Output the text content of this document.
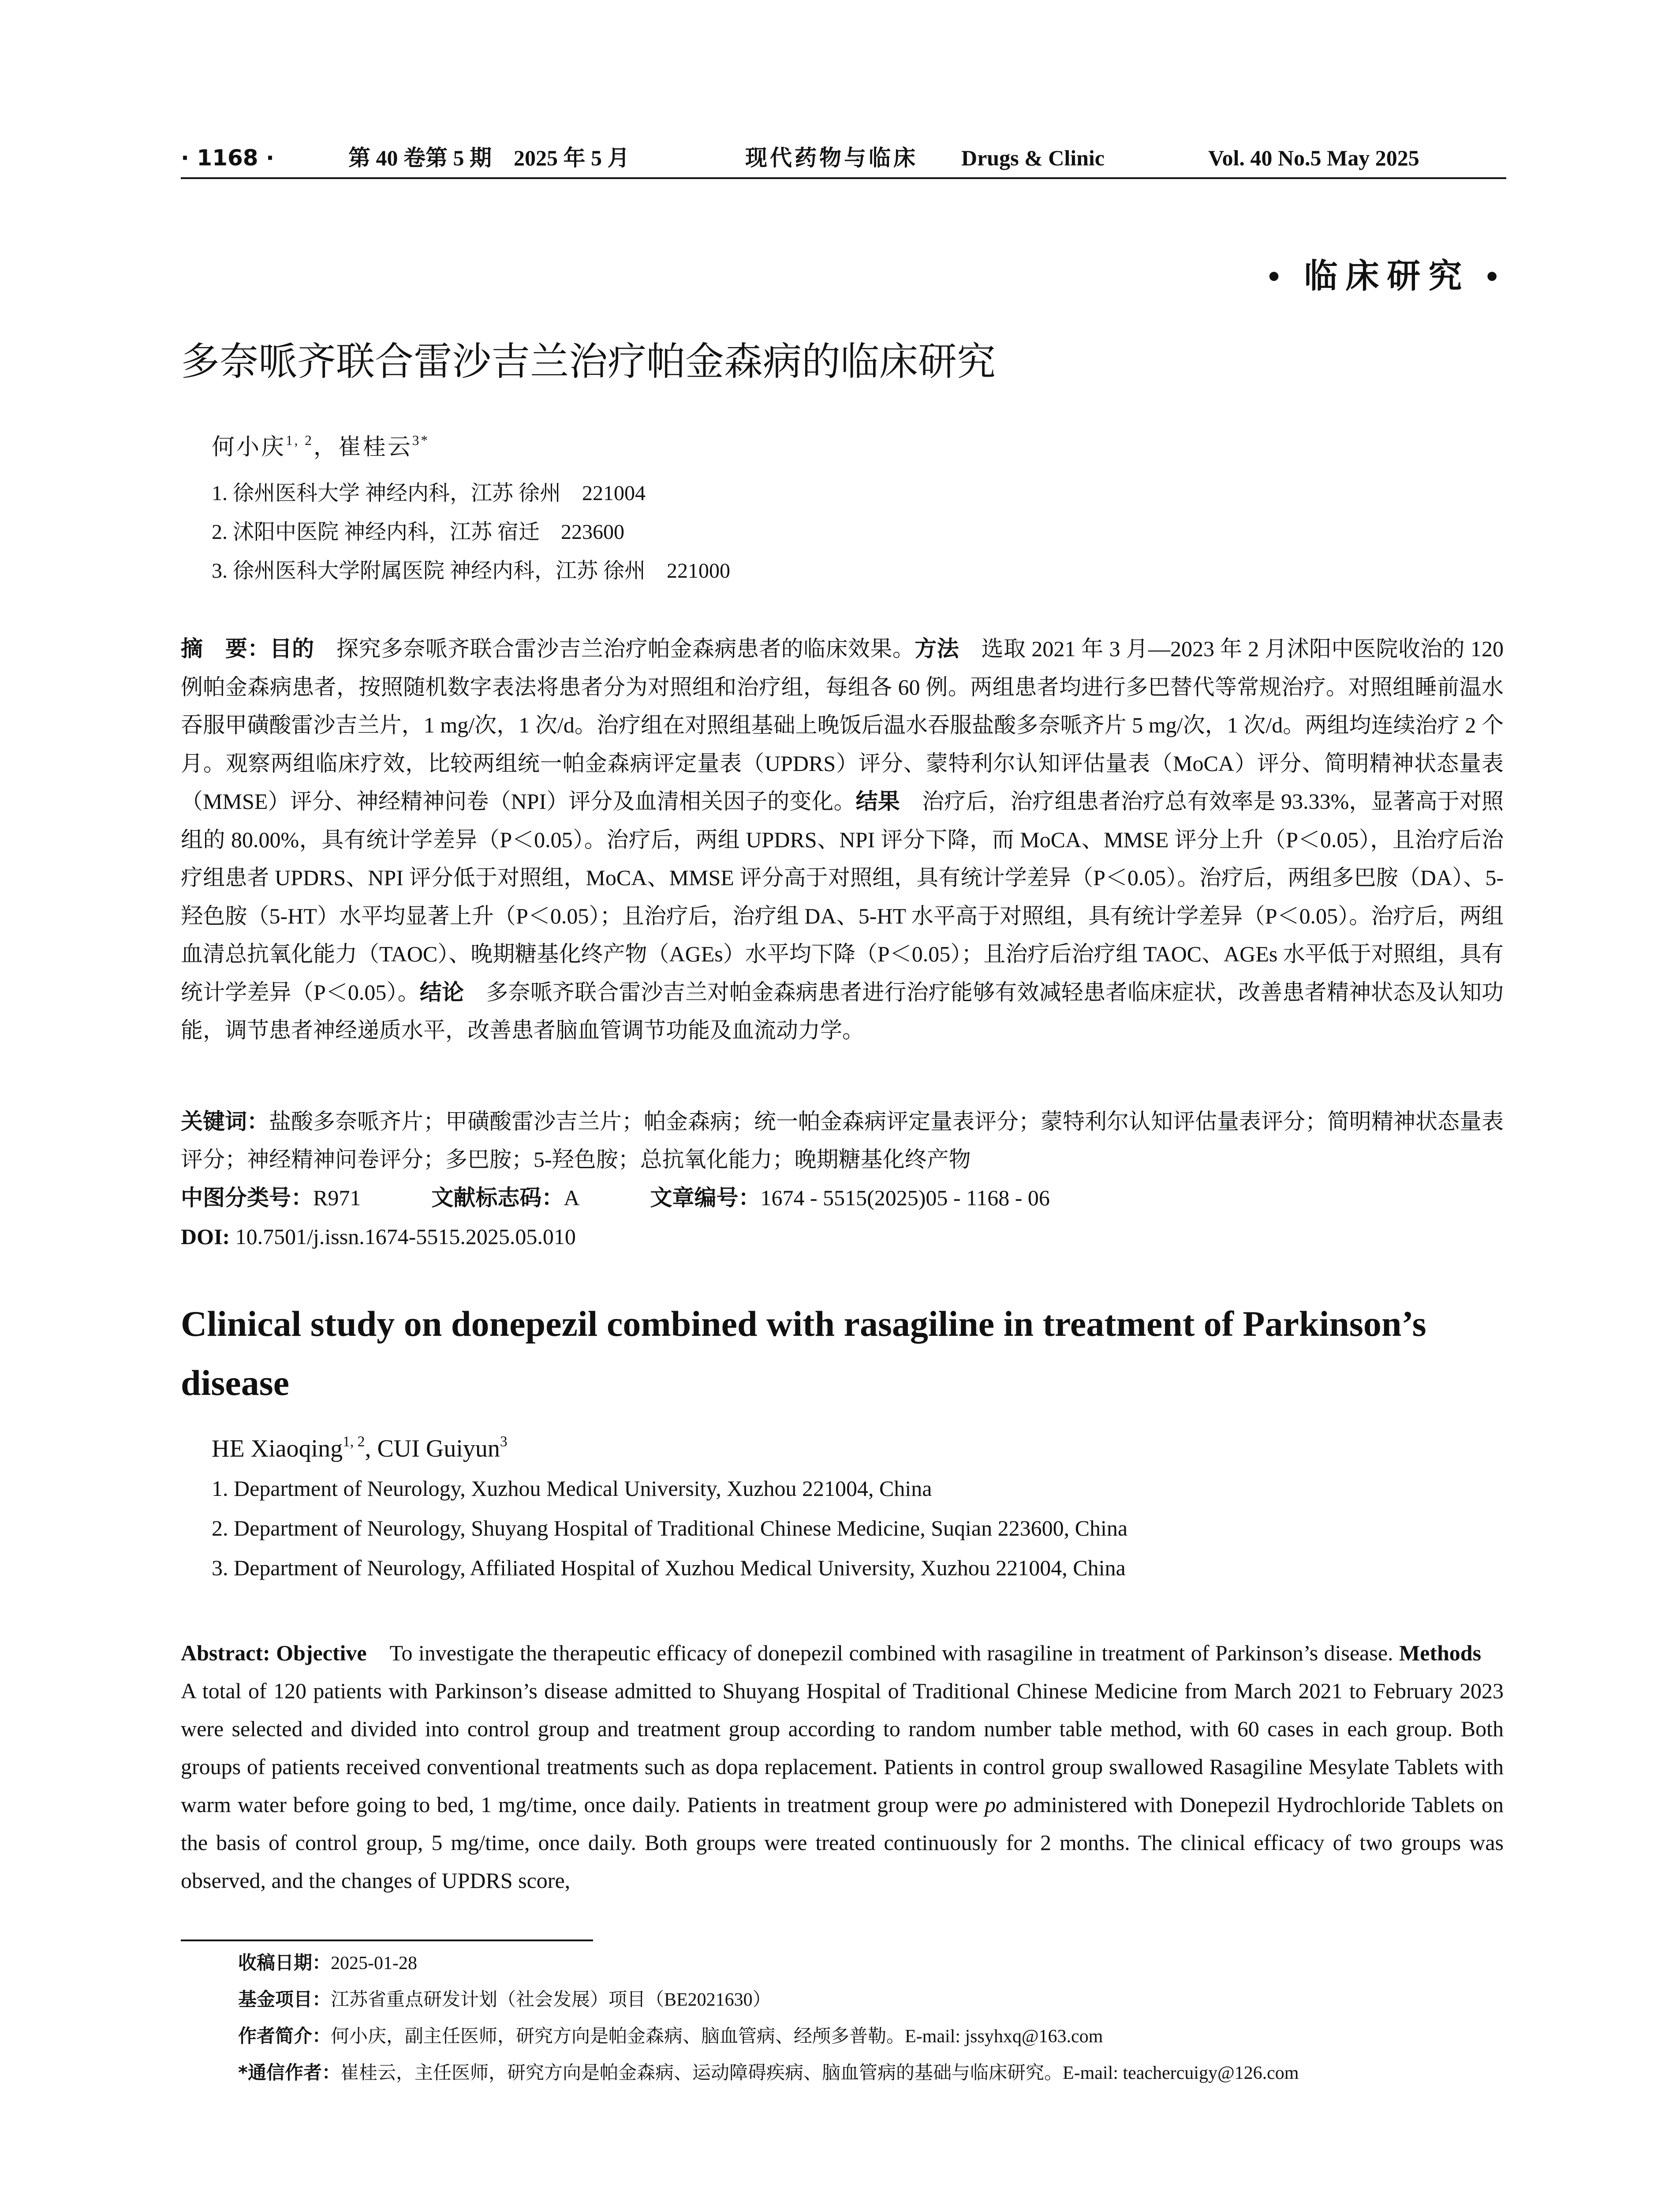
· 1168 ·	第 40 卷第 5 期　2025 年 5 月	现代药物与临床 Drugs & Clinic	Vol. 40 No.5 May 2025
• 临床研究 •
多奈哌齐联合雷沙吉兰治疗帕金森病的临床研究
何小庆$^{1, 2}$，崔桂云$^{3*}$
1. 徐州医科大学 神经内科，江苏 徐州　221004
2. 沭阳中医院 神经内科，江苏 宿迁　223600
3. 徐州医科大学附属医院 神经内科，江苏 徐州　221000

摘　要：目的　探究多奈哌齐联合雷沙吉兰治疗帕金森病患者的临床效果。方法　选取 2021 年 3 月—2023 年 2 月沭阳中医院收治的 120 例帕金森病患者，按照随机数字表法将患者分为对照组和治疗组，每组各 60 例。两组患者均进行多巴替代等常规治疗。对照组睡前温水吞服甲磺酸雷沙吉兰片，1 mg/次，1 次/d。治疗组在对照组基础上晚饭后温水吞服盐酸多奈哌齐片 5 mg/次，1 次/d。两组均连续治疗 2 个月。观察两组临床疗效，比较两组统一帕金森病评定量表（UPDRS）评分、蒙特利尔认知评估量表（MoCA）评分、简明精神状态量表（MMSE）评分、神经精神问卷（NPI）评分及血清相关因子的变化。结果　治疗后，治疗组患者治疗总有效率是 93.33%，显著高于对照组的 80.00%，具有统计学差异（P＜0.05）。治疗后，两组 UPDRS、NPI 评分下降，而 MoCA、MMSE 评分上升（P＜0.05），且治疗后治疗组患者 UPDRS、NPI 评分低于对照组，MoCA、MMSE 评分高于对照组，具有统计学差异（P＜0.05）。治疗后，两组多巴胺（DA）、5-羟色胺（5-HT）水平均显著上升（P＜0.05）；且治疗后，治疗组 DA、5-HT 水平高于对照组，具有统计学差异（P＜0.05）。治疗后，两组血清总抗氧化能力（TAOC）、晚期糖基化终产物（AGEs）水平均下降（P＜0.05）；且治疗后治疗组 TAOC、AGEs 水平低于对照组，具有统计学差异（P＜0.05）。结论　多奈哌齐联合雷沙吉兰对帕金森病患者进行治疗能够有效减轻患者临床症状，改善患者精神状态及认知功能，调节患者神经递质水平，改善患者脑血管调节功能及血流动力学。

关键词：盐酸多奈哌齐片；甲磺酸雷沙吉兰片；帕金森病；统一帕金森病评定量表评分；蒙特利尔认知评估量表评分；简明精神状态量表评分；神经精神问卷评分；多巴胺；5-羟色胺；总抗氧化能力；晚期糖基化终产物

中图分类号：R971	文献标志码：A	文章编号：1674 - 5515(2025)05 - 1168 - 06
DOI: 10.7501/j.issn.1674-5515.2025.05.010
Clinical study on donepezil combined with rasagiline in treatment of Parkinson’s disease
HE Xiaoqing$^{1, 2}$, CUI Guiyun$^3$
1. Department of Neurology, Xuzhou Medical University, Xuzhou 221004, China
2. Department of Neurology, Shuyang Hospital of Traditional Chinese Medicine, Suqian 223600, China
3. Department of Neurology, Affiliated Hospital of Xuzhou Medical University, Xuzhou 221004, China

Abstract: Objective　To investigate the therapeutic efficacy of donepezil combined with rasagiline in treatment of Parkinson’s disease. Methods　A total of 120 patients with Parkinson’s disease admitted to Shuyang Hospital of Traditional Chinese Medicine from March 2021 to February 2023 were selected and divided into control group and treatment group according to random number table method, with 60 cases in each group. Both groups of patients received conventional treatments such as dopa replacement. Patients in control group swallowed Rasagiline Mesylate Tablets with warm water before going to bed, 1 mg/time, once daily. Patients in treatment group were po administered with Donepezil Hydrochloride Tablets on the basis of control group, 5 mg/time, once daily. Both groups were treated continuously for 2 months. The clinical efficacy of two groups was observed, and the changes of UPDRS score,

收稿日期：2025-01-28
基金项目：江苏省重点研发计划（社会发展）项目（BE2021630）
作者简介：何小庆，副主任医师，研究方向是帕金森病、脑血管病、经颅多普勒。E-mail: jssyhxq@163.com
*通信作者：崔桂云，主任医师，研究方向是帕金森病、运动障碍疾病、脑血管病的基础与临床研究。E-mail: teachercuigy@126.com
